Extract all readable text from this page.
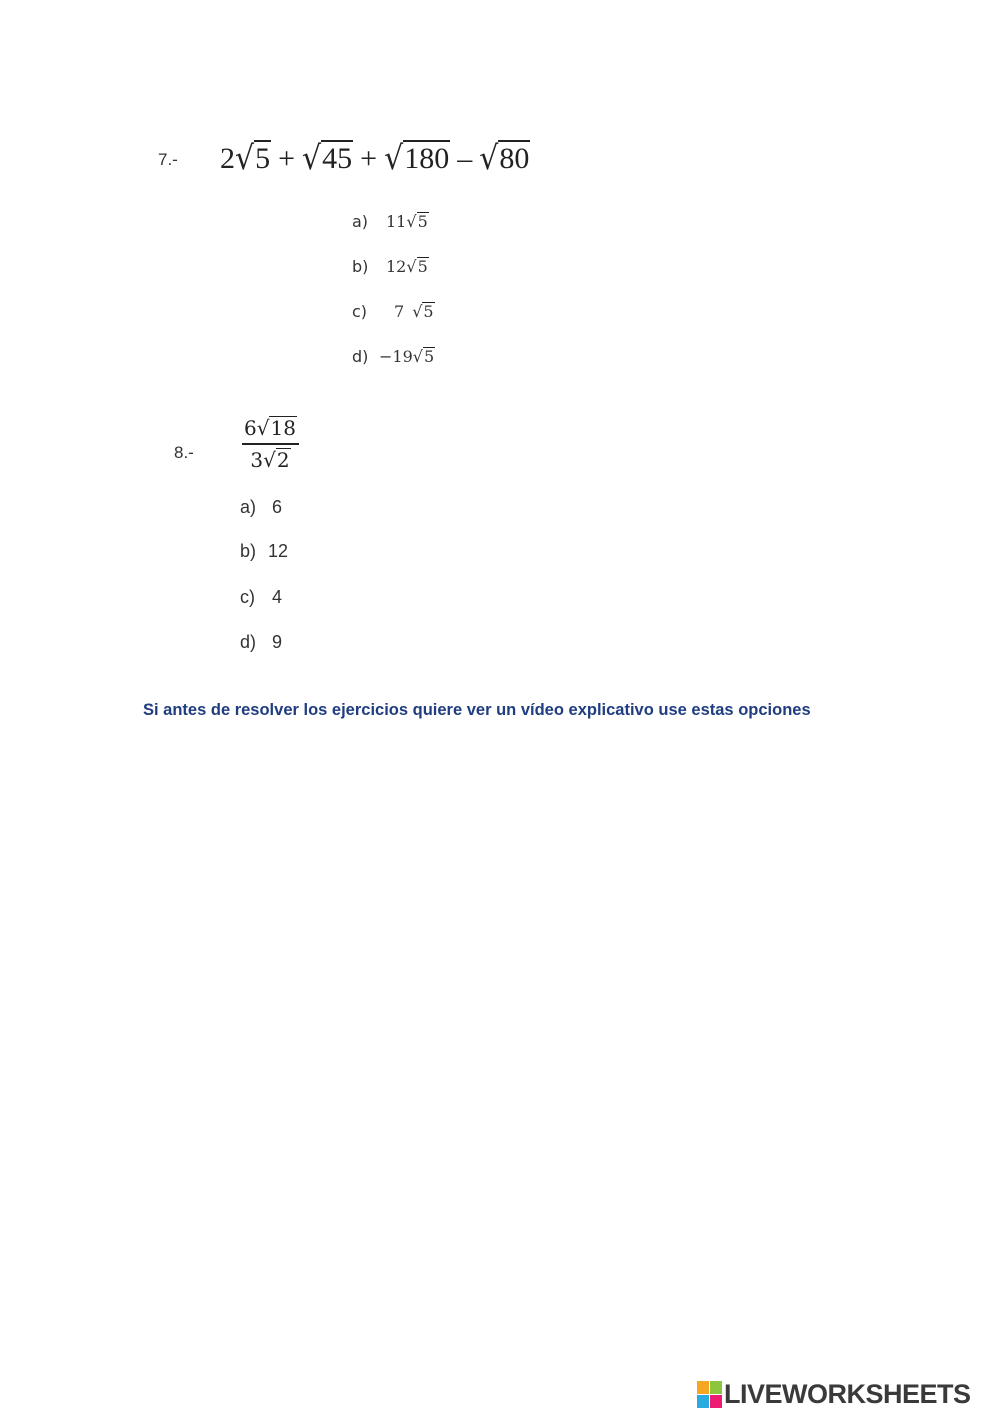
7.- 2√5 + √45 + √180 – √80
a) 11√5
b) 12√5
c) 7 √5
d) −19√5
8.-
6√18
3√2
a) 6
b) 12
c) 4
d) 9
Si antes de resolver los ejercicios quiere ver un vídeo explicativo use estas opciones
LIVEWORKSHEETS
